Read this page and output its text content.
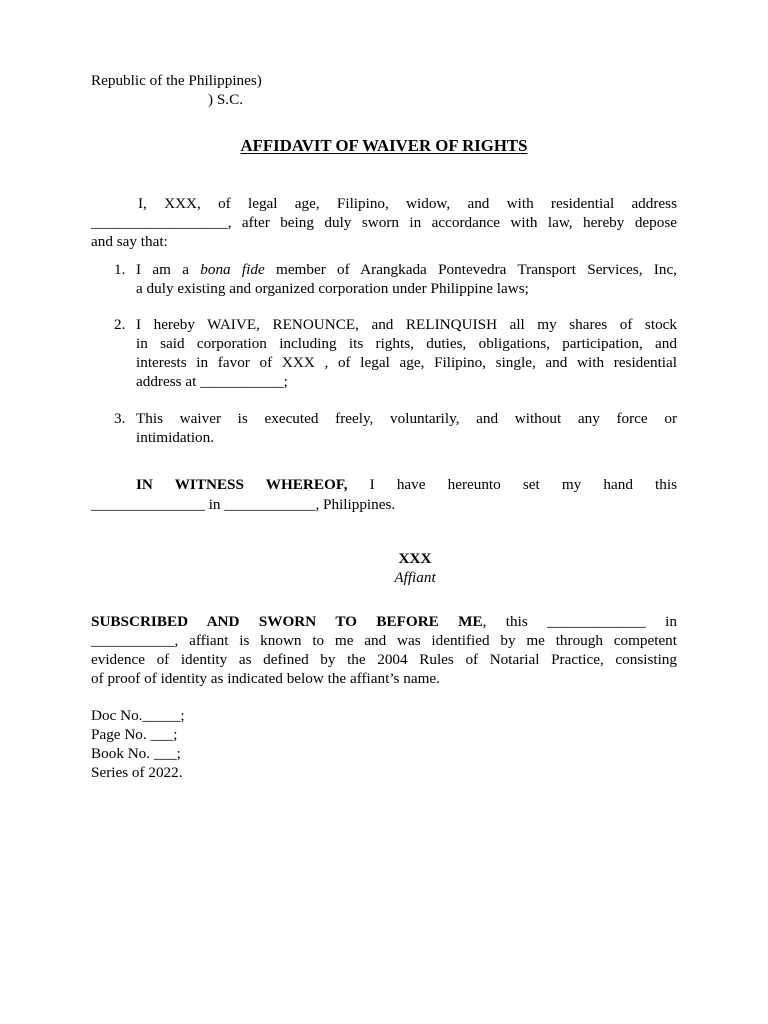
Republic of the Philippines)
) S.C.
AFFIDAVIT OF WAIVER OF RIGHTS
I, XXX, of legal age, Filipino, widow, and with residential address
__________________, after being duly sworn in accordance with law, hereby depose
and say that:
1. I am a bona fide member of Arangkada Pontevedra Transport Services, Inc,
a duly existing and organized corporation under Philippine laws;
2. I hereby WAIVE, RENOUNCE, and RELINQUISH all my shares of stock
in said corporation including its rights, duties, obligations, participation, and
interests in favor of XXX , of legal age, Filipino, single, and with residential
address at ___________;
3. This waiver is executed freely, voluntarily, and without any force or
intimidation.
IN WITNESS WHEREOF, I have hereunto set my hand this
_______________ in ____________, Philippines.
XXX
Affiant
SUBSCRIBED AND SWORN TO BEFORE ME, this _____________ in
___________, affiant is known to me and was identified by me through competent
evidence of identity as defined by the 2004 Rules of Notarial Practice, consisting
of proof of identity as indicated below the affiant’s name.
Doc No._____;
Page No. ___;
Book No. ___;
Series of 2022.
